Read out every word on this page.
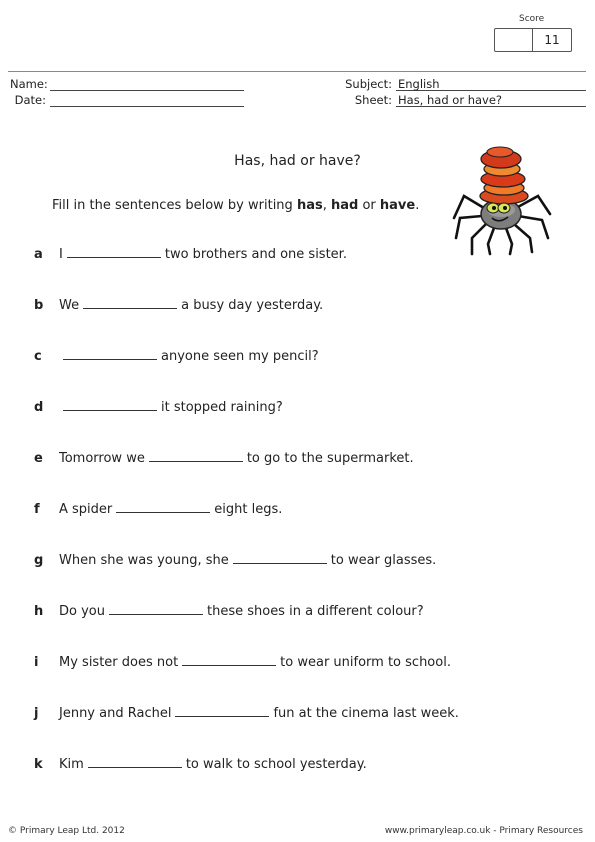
Score
11
Name:
Date:
Subject: English
Sheet: Has, had or have?
Has, had or have?
Fill in the sentences below by writing has, had or have.
a	I	two brothers and one sister.
b	We	a busy day yesterday.
c	anyone seen my pencil?
d	it stopped raining?
e	Tomorrow we	to go to the supermarket.
f	A spider	eight legs.
g	When she was young, she	to wear glasses.
h	Do you	these shoes in a different colour?
i	My sister does not	to wear uniform to school.
j	Jenny and Rachel	fun at the cinema last week.
k	Kim	to walk to school yesterday.
© Primary Leap Ltd. 2012	www.primaryleap.co.uk - Primary Resources
